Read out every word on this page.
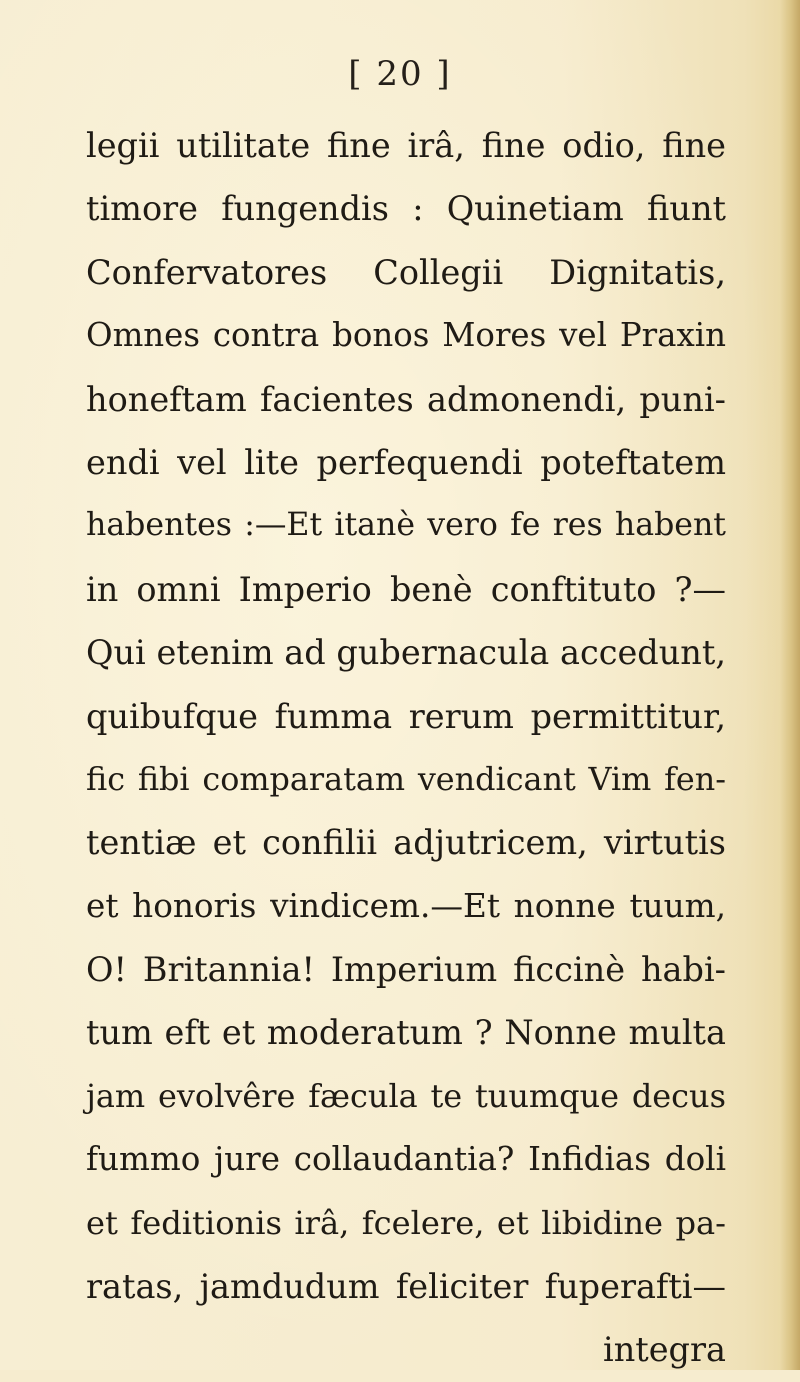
[ 20 ]

legii utilitate fine irâ, fine odio, fine
timore fungendis : Quinetiam fiunt
Confervatores Collegii Dignitatis,
Omnes contra bonos Mores vel Praxin
honeftam facientes admonendi, puni-
endi vel lite perfequendi poteftatem
habentes :—Et itanè vero fe res habent
in omni Imperio benè conftituto ?—
Qui etenim ad gubernacula accedunt,
quibufque fumma rerum permittitur,
fic fibi comparatam vendicant Vim fen-
tentiæ et confilii adjutricem, virtutis
et honoris vindicem.—Et nonne tuum,
O! Britannia! Imperium ficcinè habi-
tum eft et moderatum ? Nonne multa
jam evolvêre fæcula te tuumque decus
fummo jure collaudantia? Infidias doli
et feditionis irâ, fcelere, et libidine pa-
ratas, jamdudum feliciter fuperafti—
integra
